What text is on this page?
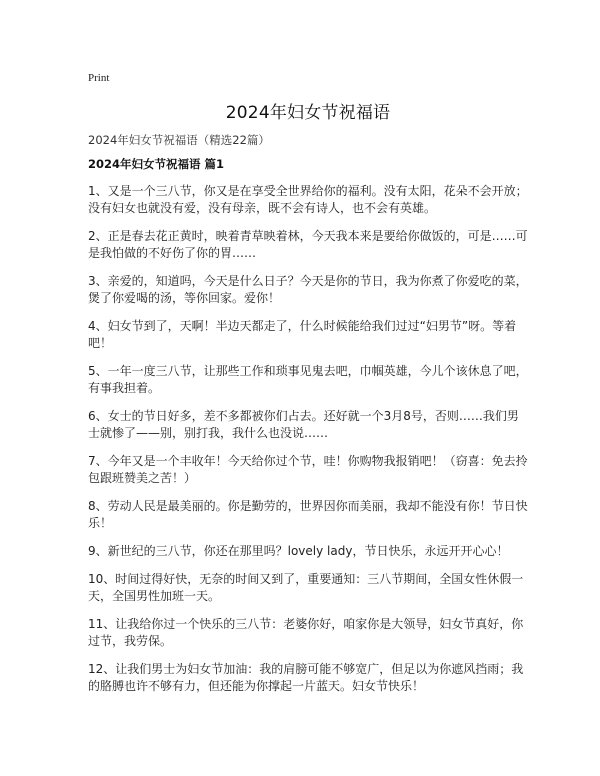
Print
2024年妇女节祝福语
2024年妇女节祝福语（精选22篇）
2024年妇女节祝福语 篇1

1、又是一个三八节，你又是在享受全世界给你的福利。没有太阳，花朵不会开放；没有妇女也就没有爱，没有母亲，既不会有诗人，也不会有英雄。

2、正是春去花正黄时，映着青草映着林，今天我本来是要给你做饭的，可是……可是我怕做的不好伤了你的胃……

3、亲爱的，知道吗，今天是什么日子？今天是你的节日，我为你煮了你爱吃的菜，煲了你爱喝的汤，等你回家。爱你！

4、妇女节到了，天啊！半边天都走了，什么时候能给我们过过“妇男节”呀。等着吧！

5、一年一度三八节，让那些工作和琐事见鬼去吧，巾帼英雄，今儿个该休息了吧，有事我担着。

6、女士的节日好多，差不多都被你们占去。还好就一个3月8号，否则……我们男士就惨了——别，别打我，我什么也没说……

7、今年又是一个丰收年！今天给你过个节，哇！你购物我报销吧！（窃喜：免去拎包跟班赞美之苦！）

8、劳动人民是最美丽的。你是勤劳的，世界因你而美丽，我却不能没有你！节日快乐！

9、新世纪的三八节，你还在那里吗？lovely lady，节日快乐，永远开开心心！

10、时间过得好快，无奈的时间又到了，重要通知：三八节期间，全国女性休假一天，全国男性加班一天。

11、让我给你过一个快乐的三八节：老婆你好，咱家你是大领导，妇女节真好，你过节，我劳保。

12、让我们男士为妇女节加油：我的肩膀可能不够宽广，但足以为你遮风挡雨；我的胳膊也许不够有力，但还能为你撑起一片蓝天。妇女节快乐！
